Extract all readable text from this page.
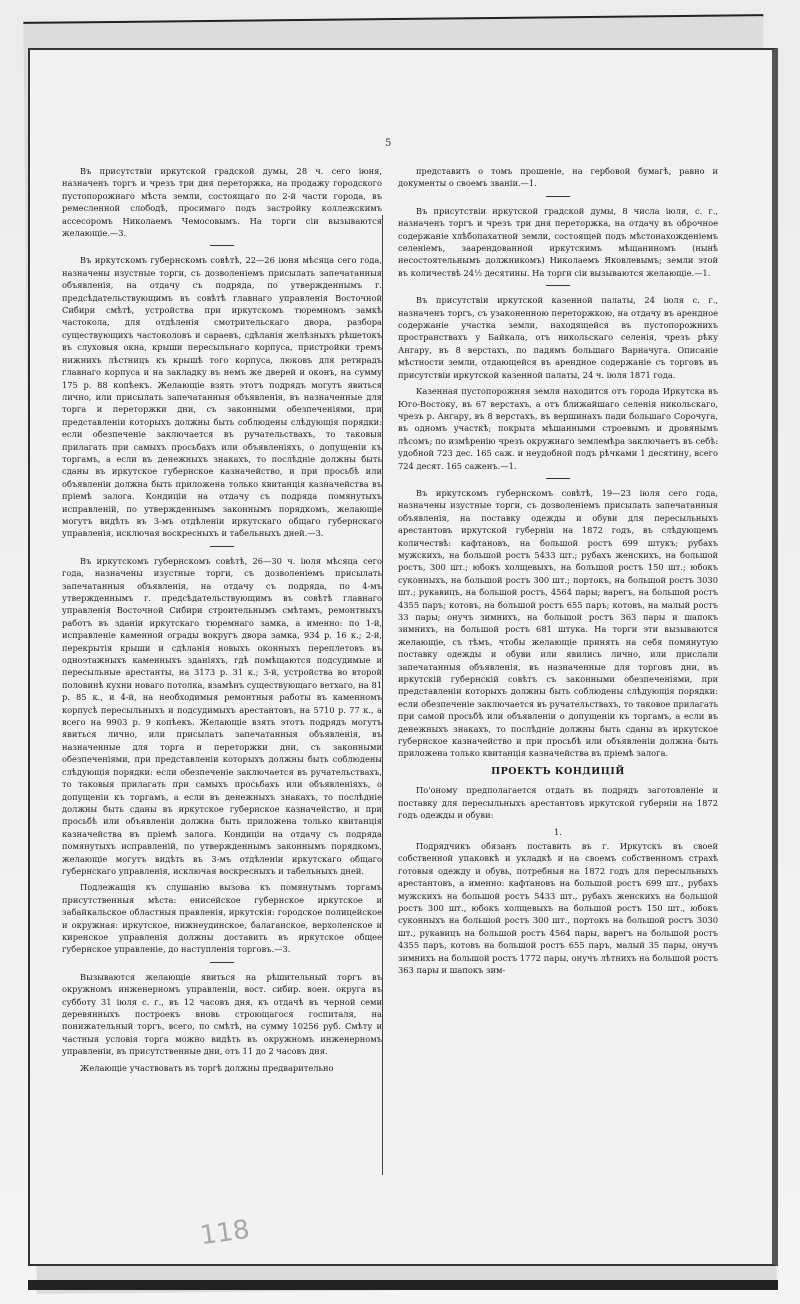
5

Въ присутствіи иркутской градской думы, 28 ч. сего іюня, назначенъ торгъ и чрезъ три дня переторжка, на продажу городского пустопорожнаго мѣста земли, состоящаго по 2-й части города, въ ремесленной слободѣ, просимаго подъ застройку коллежскимъ ассесоромъ Николаемъ Чемосовымъ. На торги сіи вызываются желающіе.—3.

Въ иркутскомъ губернскомъ совѣтѣ, 22—26 іюня мѣсяца сего года, назначены изустные торги, съ дозволеніемъ присылать запечатанныя объявленія, на отдачу съ подряда, по утвержденнымъ г. предсѣдательствующимъ въ совѣтѣ главнаго управленія Восточной Сибири смѣтѣ, устройства при иркутскомъ тюремномъ замкѣ частокола, для отдѣленія смотрительскаго двора, разбора существующихъ частоколовъ и сараевъ, сдѣланія желѣзныхъ рѣшетокъ въ слуховыя окна, крыши пересыльнаго корпуса, пристройки тремъ нижнихъ лѣстницъ къ крышѣ того корпуса, люковъ для ретирадъ главнаго корпуса и на закладку въ немъ же дверей и оконъ, на сумму 175 р. 88 копѣекъ. Желающіе взять этотъ подрядъ могутъ явиться лично, или присылать запечатанныя объявленія, въ назначенные для торга и переторжки дни, съ законными обезпеченіями, при представленіи которыхъ должны быть соблюдены слѣдующія порядки: если обезпеченіе заключается въ ручательствахъ, то таковыя прилагать при самыхъ просьбахъ или объявленіяхъ, о допущеніи къ торгамъ, а если въ денежныхъ знакахъ, то послѣдніе должны быть сданы въ иркутское губернское казначейство, и при просьбѣ или объявленіи должна быть приложена только квитанція казначейства въ пріемѣ залога. Кондиціи на отдачу съ подряда помянутыхъ исправленій, по утвержденнымъ законнымъ порядкомъ, желающіе могутъ видѣть въ 3-мъ отдѣленіи иркутскаго общаго губернскаго управленія, исключая воскресныхъ и табельныхъ дней.—3.

Въ иркутскомъ губернскомъ совѣтѣ, 26—30 ч. іюля мѣсяца сего года, назначены изустные торги, съ дозволеніемъ присылать запечатанныя объявленія, на отдачу съ подряда, по 4-мъ утвержденнымъ г. предсѣдательствующимъ въ совѣтѣ главнаго управленія Восточной Сибири строительнымъ смѣтамъ, ремонтныхъ работъ въ зданіи иркутскаго тюремнаго замка, а именно: по 1-й, исправленіе каменной ограды вокругъ двора замка, 934 р. 16 к.; 2-й, перекрытія крыши и сдѣланія новыхъ оконныхъ переплетовъ въ одноэтажныхъ каменныхъ зданіяхъ, гдѣ помѣщаются подсудимые и пересыльные арестанты, на 3173 р. 31 к.; 3-й, устройства во второй половинѣ кухни новаго потолка, взамѣнъ существующаго ветхаго, на 81 р. 85 к., и 4-й, на необходимыя ремонтныя работы въ каменномъ корпусѣ пересыльныхъ и подсудимыхъ арестантовъ, на 5710 р. 77 к., а всего на 9903 р. 9 копѣекъ. Желающіе взять этотъ подрядъ могутъ явиться лично, или присылать запечатанныя объявленія, въ назначенные для торга и переторжки дни, съ законными обезпеченіями, при представленіи которыхъ должны быть соблюдены слѣдующія порядки: если обезпеченіе заключается въ ручательствахъ, то таковыя прилагать при самыхъ просьбахъ или объявленіяхъ, о допущеніи къ торгамъ, а если въ денежныхъ знакахъ, то послѣдніе должны быть сданы въ иркутское губернское казначейство, и при просьбѣ или объявленіи должна быть приложена только квитанція казначейства въ пріемѣ залога. Кондиціи на отдачу съ подряда помянутыхъ исправленій, по утвержденнымъ законнымъ порядкомъ, желающіе могутъ видѣть въ 3-мъ отдѣленіи иркутскаго общаго губернскаго управленія, исключая воскресныхъ и табельныхъ дней.

Подлежащія къ слушанію вызова къ помянутымъ торгамъ присутственныя мѣста: енисейское губернское иркутское и забайкальское областныя правленія, иркутскія: городское полицейское и окружная: иркутское, нижнеудинское, балаганское, верхоленское и киренское управленія должны доставить въ иркутское общее губернское управленіе, до наступленія торговъ.—3.

Вызываются желающіе явиться на рѣшительный торгъ въ окружномъ инженерномъ управленіи, вост. сибир. воен. округа въ субботу 31 іюля с. г., въ 12 часовъ дня, къ отдачѣ въ черной семи деревянныхъ построекъ вновь строющагося госпиталя, на понижательный торгъ, всего, по смѣтѣ, на сумму 10256 руб. Смѣту и частныя условія торга можно видѣть въ окружномъ инженерномъ управленіи, въ присутственные дни, отъ 11 до 2 часовъ дня.

Желающіе участвовать въ торгѣ должны предварительно

представить о томъ прошеніе, на гербовой бумагѣ, равно и документы о своемъ званіи.—1.

Въ присутствіи иркутской градской думы, 8 числа іюля, с. г., назначенъ торгъ и чрезъ три дня переторжка, на отдачу въ оброчное содержаніе хлѣбопахатной земли, состоящей подъ мѣстонахожденіемъ селеніемъ, заарендованной иркутскимъ мѣщаниномъ (нынѣ несостоятельнымъ должникомъ) Николаемъ Яковлевымъ; земли этой въ количествѣ 24½ десятины. На торги сіи вызываются желающіе.—1.

Въ присутствіи иркутской казенной палаты, 24 іюля с. г., назначенъ торгъ, съ узаконенною переторжкою, на отдачу въ арендное содержаніе участка земли, находящейся въ пустопорожнихъ пространствахъ у Байкала, отъ никольскаго селенія, чрезъ рѣку Ангару, въ 8 верстахъ, по падямъ большаго Варначуга. Описаніе мѣстности земли, отдающейся въ арендное содержаніе съ торговъ въ присутствіи иркутской казенной палаты, 24 ч. іюля 1871 года.

Казенная пустопорожняя земля находится отъ города Иркутска въ Юго-Востоку, въ 67 верстахъ, а отъ ближайшаго селенія никольскаго, чрезъ р. Ангару, въ 8 верстахъ, въ вершинахъ пади большаго Сорочуга, въ одномъ участкѣ; покрыта мѣшанными строевымъ и дровянымъ лѣсомъ; по измѣренію чрезъ окружнаго землемѣра заключаетъ въ себѣ: удобной 723 дес. 165 саж. и неудобной подъ рѣчками 1 десятину, всего 724 десят. 165 саженъ.—1.

Въ иркутскомъ губернскомъ совѣтѣ, 19—23 іюля сего года, назначены изустные торги, съ дозволеніемъ присылать запечатанныя объявленія, на поставку одежды и обуви для пересыльныхъ арестантовъ иркутской губерніи на 1872 годъ, въ слѣдующемъ количествѣ: кафтановъ, на большой ростъ 699 штукъ; рубахъ мужскихъ, на большой ростъ 5433 шт.; рубахъ женскихъ, на большой ростъ, 300 шт.; юбокъ холщевыхъ, на большой ростъ 150 шт.; юбокъ суконныхъ, на большой ростъ 300 шт.; портокъ, на большой ростъ 3030 шт.; рукавицъ, на большой ростъ, 4564 пары; варегъ, на большой ростъ 4355 паръ; котовъ, на большой ростъ 655 паръ; котовъ, на малый ростъ 33 пары; онучъ зимнихъ, на большой ростъ 363 пары и шапокъ зимнихъ, на большой ростъ 681 штука. На торги эти вызываются желающіе, съ тѣмъ, чтобы желающіе принять на себя помянутую поставку одежды и обуви или явились лично, или прислали запечатанныя объявленія, въ назначенные для торговъ дни, въ иркутскій губернскій совѣтъ съ законными обезпеченіями, при представленіи которыхъ должны быть соблюдены слѣдующія порядки: если обезпеченіе заключается въ ручательствахъ, то таковое прилагать при самой просьбѣ или объявленіи о допущеніи къ торгамъ, а если въ денежныхъ знакахъ, то послѣдніе должны быть сданы въ иркутское губернское казначейство и при просьбѣ или объявленіи должна быть приложена только квитанція казначейства въ пріемѣ залога.

ПРОЕКТЪ КОНДИЦІЙ

По'оному предполагается отдать въ подрядъ заготовленіе и поставку для пересыльныхъ арестантовъ иркутской губерніи на 1872 годъ одежды и обуви:

1.

Подрядчикъ обязанъ поставить въ г. Иркутскъ въ своей собственной упаковкѣ и укладкѣ и на своемъ собственномъ страхѣ готовыя одежду и обувь, потребныя на 1872 годъ для пересыльныхъ арестантовъ, а именно: кафтановъ на большой ростъ 699 шт., рубахъ мужскихъ на большой ростъ 5433 шт., рубахъ женскихъ на большой ростъ 300 шт., юбокъ холщевыхъ на большой ростъ 150 шт., юбокъ суконныхъ на большой ростъ 300 шт., портокъ на большой ростъ 3030 шт., рукавицъ на большой ростъ 4564 пары, варегъ на большой ростъ 4355 паръ, котовъ на большой ростъ 655 паръ, малый 35 пары, онучъ зимнихъ на большой ростъ 1772 пары, онучъ лѣтнихъ на большой ростъ 363 пары и шапокъ зим-

118
